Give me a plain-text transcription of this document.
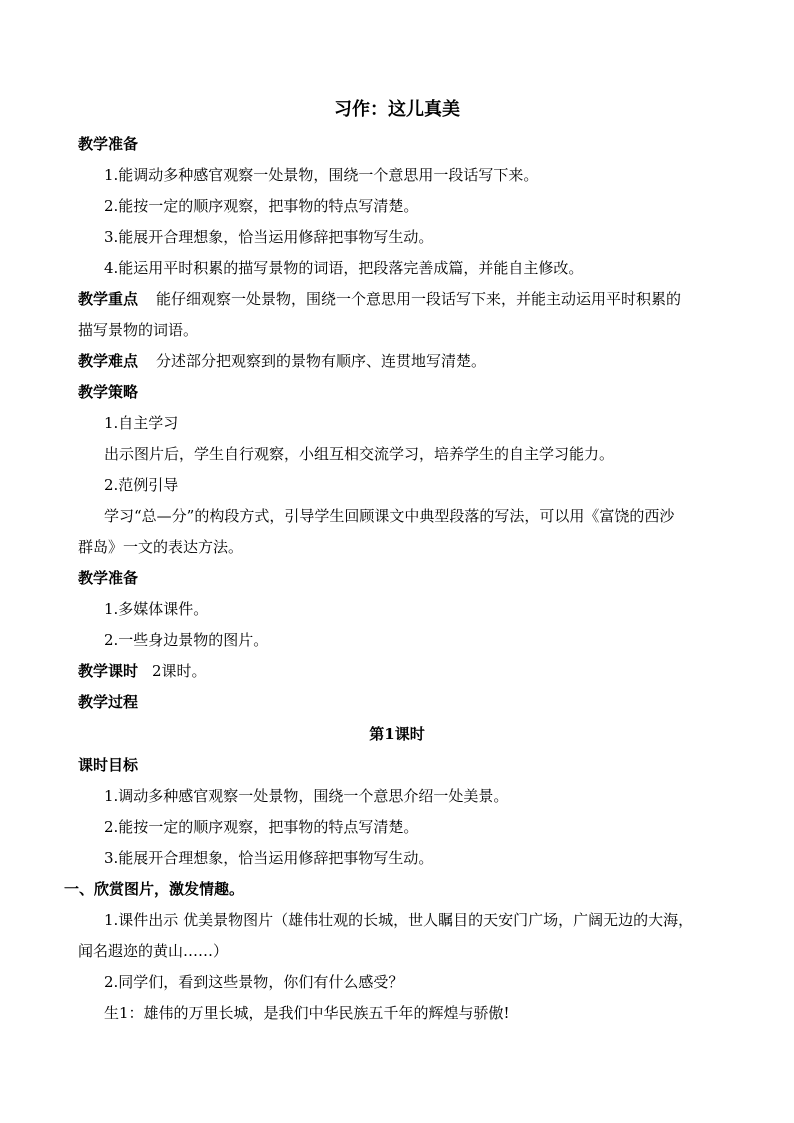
习作：这儿真美
教学准备
1.能调动多种感官观察一处景物，围绕一个意思用一段话写下来。
2.能按一定的顺序观察，把事物的特点写清楚。
3.能展开合理想象，恰当运用修辞把事物写生动。
4.能运用平时积累的描写景物的词语，把段落完善成篇，并能自主修改。
教学重点 能仔细观察一处景物，围绕一个意思用一段话写下来，并能主动运用平时积累的
描写景物的词语。
教学难点 分述部分把观察到的景物有顺序、连贯地写清楚。
教学策略
1.自主学习
出示图片后，学生自行观察，小组互相交流学习，培养学生的自主学习能力。
2.范例引导
学习“总—分”的构段方式，引导学生回顾课文中典型段落的写法，可以用《富饶的西沙
群岛》一文的表达方法。
教学准备
1.多媒体课件。
2.一些身边景物的图片。
教学课时 2课时。
教学过程
第1课时
课时目标
1.调动多种感官观察一处景物，围绕一个意思介绍一处美景。
2.能按一定的顺序观察，把事物的特点写清楚。
3.能展开合理想象，恰当运用修辞把事物写生动。
一、欣赏图片，激发情趣。
1.课件出示 优美景物图片（雄伟壮观的长城，世人瞩目的天安门广场，广阔无边的大海，
闻名遐迩的黄山……）
2.同学们，看到这些景物，你们有什么感受？
生1：雄伟的万里长城，是我们中华民族五千年的辉煌与骄傲!
